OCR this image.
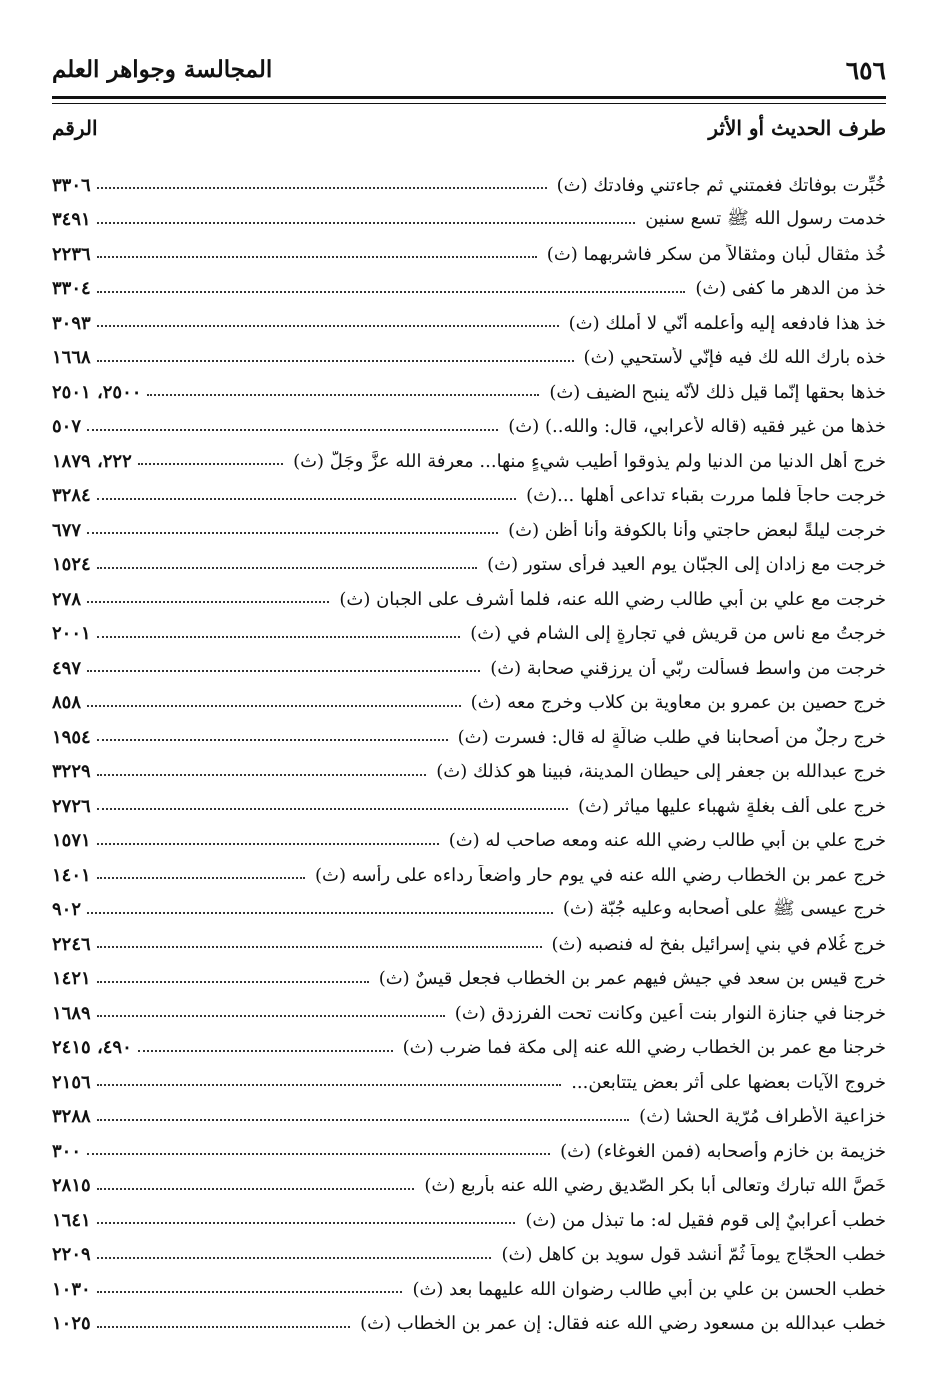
٦٥٦
المجالسة وجواهر العلم
طرف الحديث أو الأثر
الرقم
خُبِّرت بوفاتك فغمتني ثم جاءتني وفادتك (ث)
٣٣٠٦
خدمت رسول الله ﷺ تسع سنين
٣٤٩١
خُذ مثقال لُبان ومثقالاً من سكر فاشربهما (ث)
٢٢٣٦
خذ من الدهر ما كفى (ث)
٣٣٠٤
خذ هذا فادفعه إليه وأعلمه أنّي لا أملك (ث)
٣٠٩٣
خذه بارك الله لك فيه فإنّي لأستحيي (ث)
١٦٦٨
خذها بحقها إنّما قيل ذلك لأنّه ينبح الضيف (ث)
٢٥٠٠، ٢٥٠١
خذها من غير فقيه (قاله لأعرابي، قال: والله..) (ث)
٥٠٧
خرج أهل الدنيا من الدنيا ولم يذوقوا أطيب شيءٍ منها... معرفة الله عزَّ وجَلَّ (ث)
٢٢٢، ١٨٧٩
خرجت حاجاً فلما مررت بقباء تداعى أهلها ...(ث)
٣٢٨٤
خرجت ليلةً لبعض حاجتي وأنا بالكوفة وأنا أظن (ث)
٦٧٧
خرجت مع زادان إلى الجبّان يوم العيد فرأى ستور (ث)
١٥٢٤
خرجت مع علي بن أبي طالب رضي الله عنه، فلما أشرف على الجبان (ث)
٢٧٨
خرجتُ مع ناسٍ من قريش في تجارةٍ إلى الشام في (ث)
٢٠٠١
خرجت من واسط فسألت ربّي أن يرزقني صحابة (ث)
٤٩٧
خرج حصين بن عمرو بن معاوية بن كلاب وخرج معه (ث)
٨٥٨
خرج رجلٌ من أصحابنا في طلب ضالّةٍ له قال: فسرت (ث)
١٩٥٤
خرج عبدالله بن جعفر إلى حيطان المدينة، فبينا هو كذلك (ث)
٣٢٢٩
خرج على ألف بغلةٍ شهباء عليها مياثر (ث)
٢٧٢٦
خرج علي بن أبي طالب رضي الله عنه ومعه صاحب له (ث)
١٥٧١
خرج عمر بن الخطاب رضي الله عنه في يوم حار واضعاً رداءه على رأسه (ث)
١٤٠١
خرج عيسى ﷺ على أصحابه وعليه جُبّة (ث)
٩٠٢
خرج غُلام في بني إسرائيل بفخ له فنصبه (ث)
٢٢٤٦
خرج قيس بن سعد في جيشٍ فيهم عمر بن الخطاب فجعل قيسٌ (ث)
١٤٢١
خرجنا في جنازة النوار بنت أعين وكانت تحت الفرزدق (ث)
١٦٨٩
خرجنا مع عمر بن الخطاب رضي الله عنه إلى مكة فما ضرب (ث)
٤٩٠، ٢٤١٥
خروج الآيات بعضها على أثر بعضٍ يتتابعن...
٢١٥٦
خزاعية الأطراف مُرّية الحشا (ث)
٣٢٨٨
خزيمة بن خازم وأصحابه (فمن الغوغاء) (ث)
٣٠٠
خَصَّ الله تبارك وتعالى أبا بكرٍ الصّديق رضي الله عنه بأربع (ث)
٢٨١٥
خطب أعرابيٌ إلى قوم فقيل له: ما تبذل من (ث)
١٦٤١
خطب الحجّاج يوماً ثُمّ أنشد قول سويد بن كاهل (ث)
٢٢٠٩
خطب الحسن بن علي بن أبي طالب رضوان الله عليهما بعد (ث)
١٠٣٠
خطب عبدالله بن مسعود رضي الله عنه فقال: إن عمر بن الخطاب (ث)
١٠٢٥
